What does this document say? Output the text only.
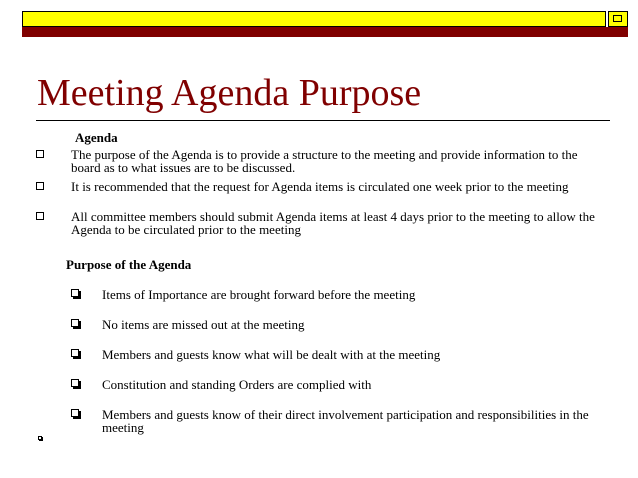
Meeting Agenda Purpose
Agenda
The purpose of the Agenda is to provide a structure to the meeting and provide information to the board as to what issues are to be discussed.
It is recommended that the request for Agenda items is circulated one week prior to the meeting
All committee members should submit Agenda items at least 4 days prior to the meeting to allow the Agenda to be circulated prior to the meeting
Purpose of the Agenda
Items of Importance are brought forward before the meeting
No items are missed out at the meeting
Members and guests know what will be dealt with at the meeting
Constitution and standing Orders are complied with
Members and guests know of their direct involvement participation and responsibilities in the meeting
